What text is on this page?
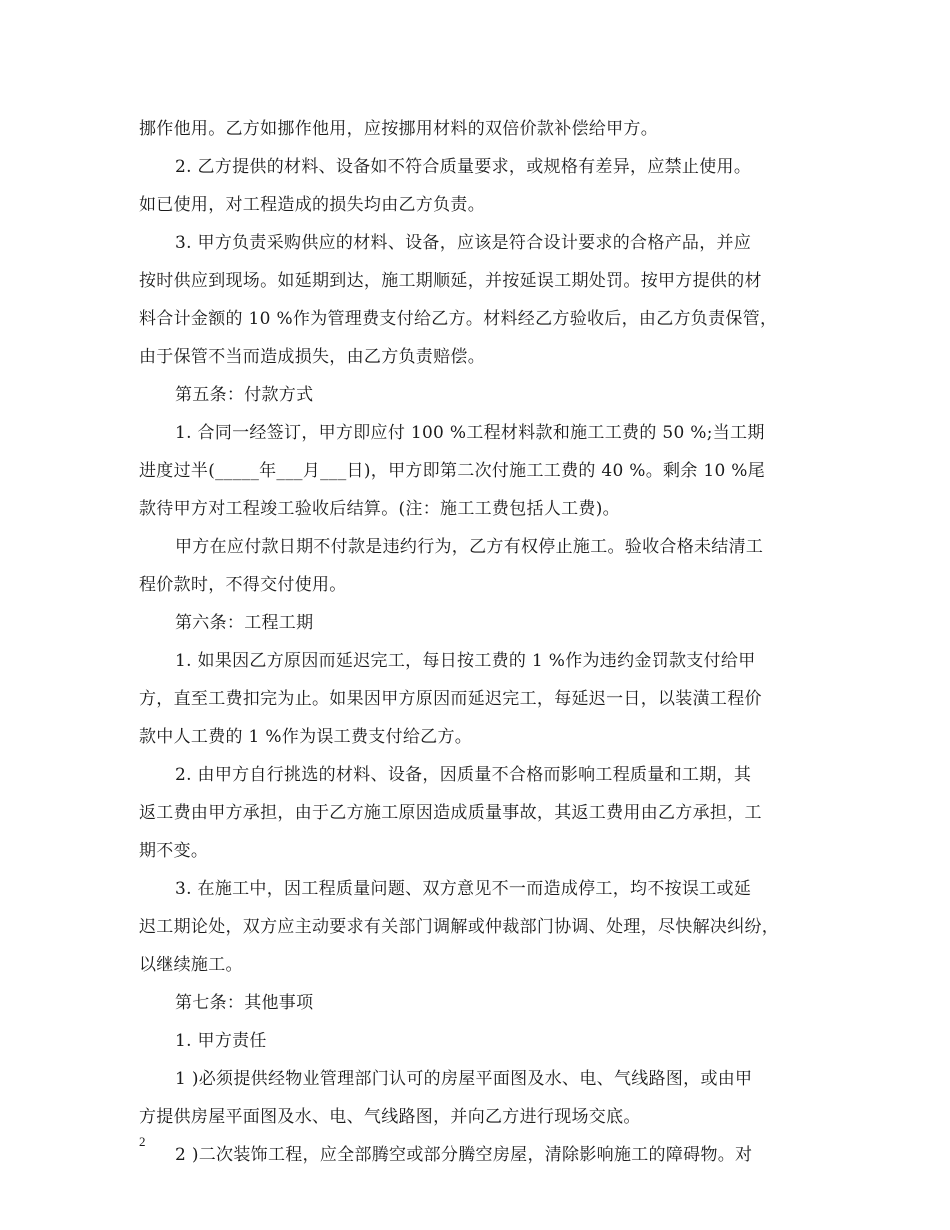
挪作他用。乙方如挪作他用，应按挪用材料的双倍价款补偿给甲方。
2. 乙方提供的材料、设备如不符合质量要求，或规格有差异，应禁止使用。
如已使用，对工程造成的损失均由乙方负责。
3. 甲方负责采购供应的材料、设备，应该是符合设计要求的合格产品，并应
按时供应到现场。如延期到达，施工期顺延，并按延误工期处罚。按甲方提供的材
料合计金额的 10 %作为管理费支付给乙方。材料经乙方验收后，由乙方负责保管，
由于保管不当而造成损失，由乙方负责赔偿。
第五条：付款方式
1. 合同一经签订，甲方即应付 100 %工程材料款和施工工费的 50 %;当工期
进度过半(_____年___月___日)，甲方即第二次付施工工费的 40 %。剩余 10 %尾
款待甲方对工程竣工验收后结算。(注：施工工费包括人工费)。
甲方在应付款日期不付款是违约行为，乙方有权停止施工。验收合格未结清工
程价款时，不得交付使用。
第六条：工程工期
1. 如果因乙方原因而延迟完工，每日按工费的 1 %作为违约金罚款支付给甲
方，直至工费扣完为止。如果因甲方原因而延迟完工，每延迟一日，以装潢工程价
款中人工费的 1 %作为误工费支付给乙方。
2. 由甲方自行挑选的材料、设备，因质量不合格而影响工程质量和工期，其
返工费由甲方承担，由于乙方施工原因造成质量事故，其返工费用由乙方承担，工
期不变。
3. 在施工中，因工程质量问题、双方意见不一而造成停工，均不按误工或延
迟工期论处，双方应主动要求有关部门调解或仲裁部门协调、处理，尽快解决纠纷，
以继续施工。
第七条：其他事项
1. 甲方责任
1 )必须提供经物业管理部门认可的房屋平面图及水、电、气线路图，或由甲
方提供房屋平面图及水、电、气线路图，并向乙方进行现场交底。
2 )二次装饰工程，应全部腾空或部分腾空房屋，清除影响施工的障碍物。对
2
